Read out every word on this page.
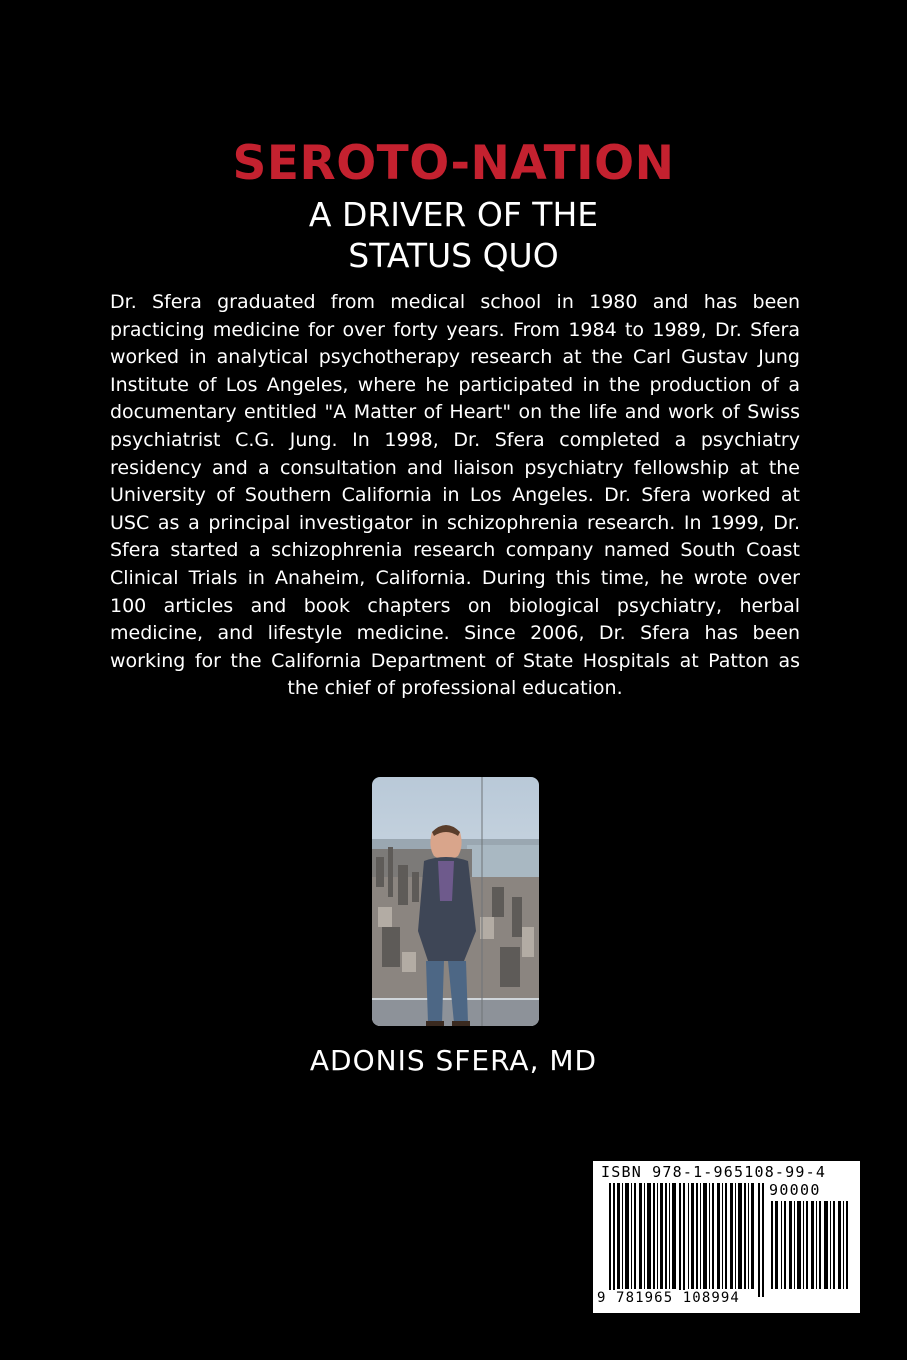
SEROTO-NATION
A DRIVER OF THE
STATUS QUO
Dr. Sfera graduated from medical school in 1980 and has been practicing medicine for over forty years. From 1984 to 1989, Dr. Sfera worked in analytical psychotherapy research at the Carl Gustav Jung Institute of Los Angeles, where he participated in the production of a documentary entitled "A Matter of Heart" on the life and work of Swiss psychiatrist C.G. Jung. In 1998, Dr. Sfera completed a psychiatry residency and a consultation and liaison psychiatry fellowship at the University of Southern California in Los Angeles. Dr. Sfera worked at USC as a principal investigator in schizophrenia research. In 1999, Dr. Sfera started a schizophrenia research company named South Coast Clinical Trials in Anaheim, California. During this time, he wrote over 100 articles and book chapters on biological psychiatry, herbal medicine, and lifestyle medicine. Since 2006, Dr. Sfera has been working for the California Department of State Hospitals at Patton as the chief of professional education.
ADONIS SFERA, MD
ISBN 978-1-965108-99-4
90000
9 781965 108994
